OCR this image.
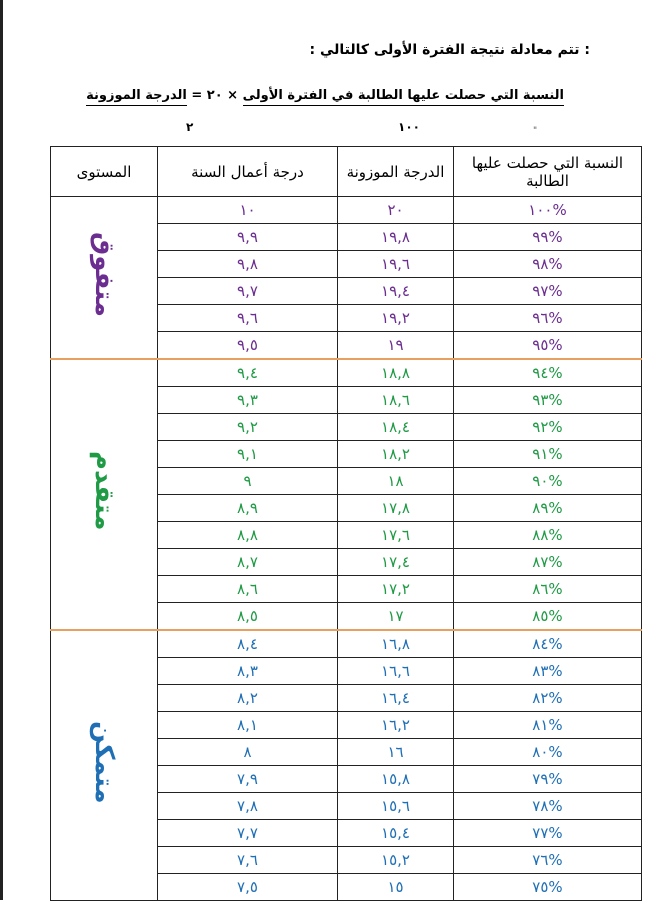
: تتم معادلة نتيجة الفترة الأولى كالتالي :
النسبة التي حصلت عليها الطالبة في الفترة الأولى × ٢٠ = الدرجة الموزونة
١٠٠
٢	"
المستوى	درجة أعمال السنة	الدرجة الموزونة	النسبة التي حصلت عليها الطالبة
متفوق	١٠	٢٠	%١٠٠
	٩,٩	١٩,٨	%٩٩
	٩,٨	١٩,٦	%٩٨
	٩,٧	١٩,٤	%٩٧
	٩,٦	١٩,٢	%٩٦
	٩,٥	١٩	%٩٥
متقدم	٩,٤	١٨,٨	%٩٤
	٩,٣	١٨,٦	%٩٣
	٩,٢	١٨,٤	%٩٢
	٩,١	١٨,٢	%٩١
	٩	١٨	%٩٠
	٨,٩	١٧,٨	%٨٩
	٨,٨	١٧,٦	%٨٨
	٨,٧	١٧,٤	%٨٧
	٨,٦	١٧,٢	%٨٦
	٨,٥	١٧	%٨٥
متمكن	٨,٤	١٦,٨	%٨٤
	٨,٣	١٦,٦	%٨٣
	٨,٢	١٦,٤	%٨٢
	٨,١	١٦,٢	%٨١
	٨	١٦	%٨٠
	٧,٩	١٥,٨	%٧٩
	٧,٨	١٥,٦	%٧٨
	٧,٧	١٥,٤	%٧٧
	٧,٦	١٥,٢	%٧٦
	٧,٥	١٥	%٧٥
